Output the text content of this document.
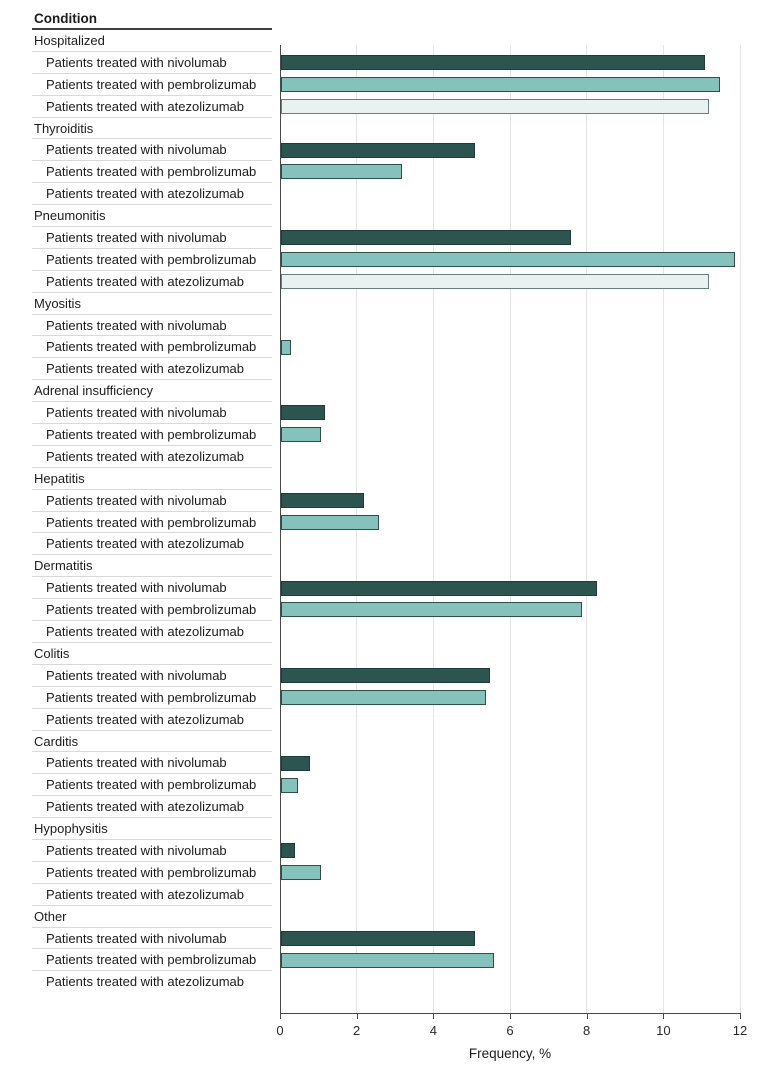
Condition
Hospitalized
Patients treated with nivolumab
Patients treated with pembrolizumab
Patients treated with atezolizumab
Thyroiditis
Patients treated with nivolumab
Patients treated with pembrolizumab
Patients treated with atezolizumab
Pneumonitis
Patients treated with nivolumab
Patients treated with pembrolizumab
Patients treated with atezolizumab
Myositis
Patients treated with nivolumab
Patients treated with pembrolizumab
Patients treated with atezolizumab
Adrenal insufficiency
Patients treated with nivolumab
Patients treated with pembrolizumab
Patients treated with atezolizumab
Hepatitis
Patients treated with nivolumab
Patients treated with pembrolizumab
Patients treated with atezolizumab
Dermatitis
Patients treated with nivolumab
Patients treated with pembrolizumab
Patients treated with atezolizumab
Colitis
Patients treated with nivolumab
Patients treated with pembrolizumab
Patients treated with atezolizumab
Carditis
Patients treated with nivolumab
Patients treated with pembrolizumab
Patients treated with atezolizumab
Hypophysitis
Patients treated with nivolumab
Patients treated with pembrolizumab
Patients treated with atezolizumab
Other
Patients treated with nivolumab
Patients treated with pembrolizumab
Patients treated with atezolizumab
0	2	4	6	8	10	12
Frequency, %
